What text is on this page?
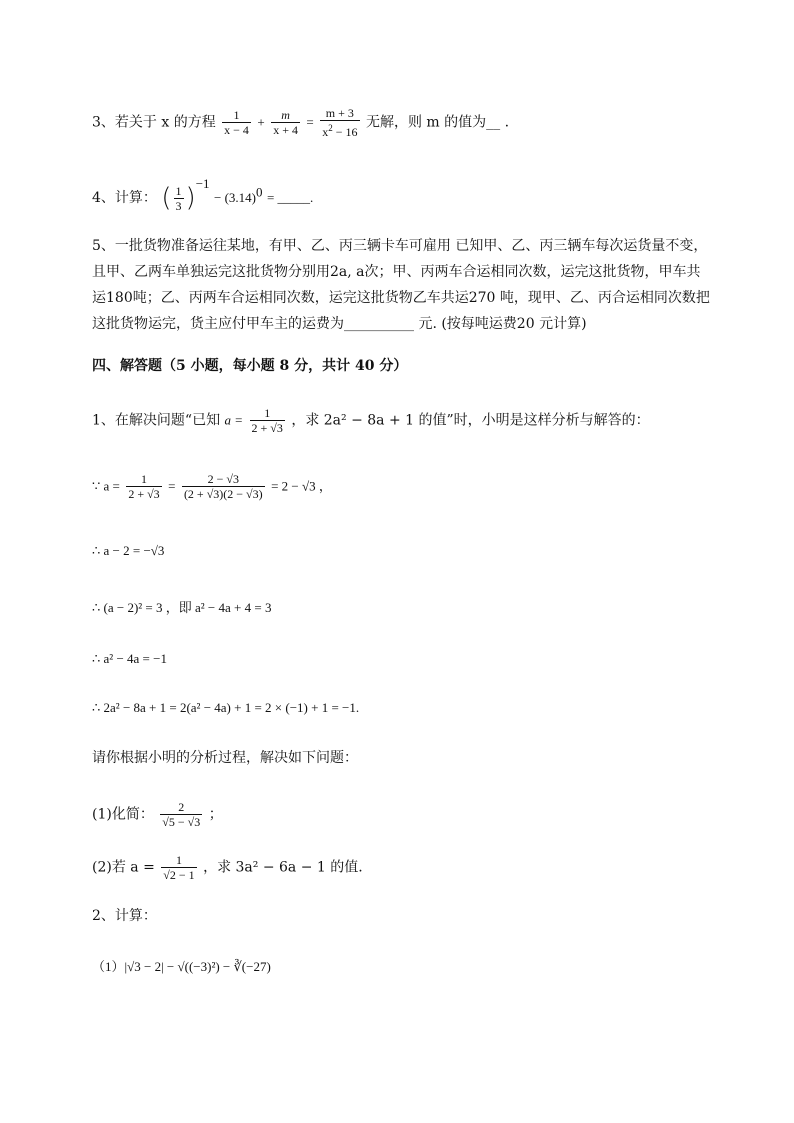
3、若关于 x 的方程 $\frac{1}{x - 4} + \frac{m}{x + 4} = \frac{m + 3}{x^2 - 16}$ 无解，则 m 的值为__ .
4、计算： ( $\frac{1}{3} )^{-1} - (3.14)^0$ = _____.
5、一批货物准备运往某地，有甲、乙、丙三辆卡车可雇用 已知甲、乙、丙三辆车每次运货量不变，
且甲、乙两车单独运完这批货物分别用2a, a次；甲、丙两车合运相同次数，运完这批货物，甲车共
运180吨；乙、丙两车合运相同次数，运完这批货物乙车共运270 吨，现甲、乙、丙合运相同次数把
这批货物运完，货主应付甲车主的运费为__________ 元. (按每吨运费20 元计算)
四、解答题（5 小题，每小题 8 分，共计 40 分）
1、在解决问题“已知 $a = \frac{1}{2 + √3}$ ，求 2a² − 8a + 1 的值”时，小明是这样分析与解答的：
∵ $a = \frac{1}{2 + √3} = \frac{2 - √3}{(2 + √3)(2 - √3)} = 2 - √3$ ，
∴ a − 2 = −√3
∴ (a − 2)² = 3 ，即 a² − 4a + 4 = 3
∴ a² − 4a = −1
∴ 2a² − 8a + 1 = 2(a² − 4a) + 1 = 2 × (−1) + 1 = −1.
请你根据小明的分析过程，解决如下问题：
(1)化简： $\frac{2}{√5 - √3}$ ；
(2)若 $a = \frac{1}{√2 - 1}$ ，求 3a² − 6a − 1 的值.
2、计算：
（1）|√3 − 2| − √((−3)²) − ∛(−27)
